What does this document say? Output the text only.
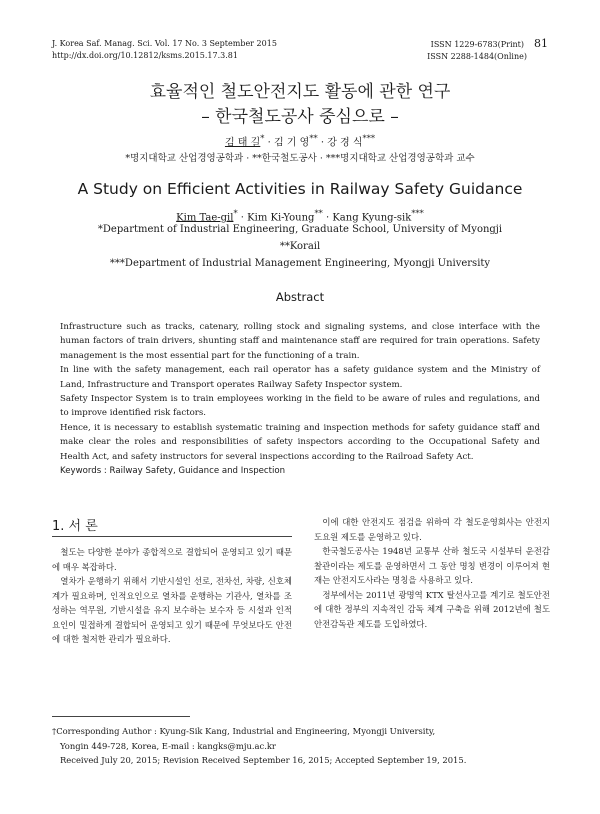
J. Korea Saf. Manag. Sci. Vol. 17 No. 3 September 2015
http://dx.doi.org/10.12812/ksms.2015.17.3.81
ISSN 1229-6783(Print) 81
ISSN 2288-1484(Online)
효율적인 철도안전지도 활동에 관한 연구
– 한국철도공사 중심으로 –
김 태 길* · 김 기 영** · 강 경 식***
*명지대학교 산업경영공학과 · **한국철도공사 · ***명지대학교 산업경영공학과 교수
A Study on Efficient Activities in Railway Safety Guidance
Kim Tae-gil* · Kim Ki-Young** · Kang Kyung-sik***
*Department of Industrial Engineering, Graduate School, University of Myongji
**Korail
***Department of Industrial Management Engineering, Myongji University
Abstract

Infrastructure such as tracks, catenary, rolling stock and signaling systems, and close interface with the human factors of train drivers, shunting staff and maintenance staff are required for train operations. Safety management is the most essential part for the functioning of a train.

In line with the safety management, each rail operator has a safety guidance system and the Ministry of Land, Infrastructure and Transport operates Railway Safety Inspector system.

Safety Inspector System is to train employees working in the field to be aware of rules and regulations, and to improve identified risk factors.

Hence, it is necessary to establish systematic training and inspection methods for safety guidance staff and make clear the roles and responsibilities of safety inspectors according to the Occupational Safety and Health Act, and safety instructors for several inspections according to the Railroad Safety Act.

Keywords : Railway Safety, Guidance and Inspection

1. 서 론

철도는 다양한 분야가 종합적으로 결합되어 운영되고 있기 때문에 매우 복잡하다.

열차가 운행하기 위해서 기반시설인 선로, 전차선, 차량, 신호체계가 필요하며, 인적요인으로 열차를 운행하는 기관사, 열차를 조성하는 역무원, 기반시설을 유지 보수하는 보수자 등 시설과 인적요인이 밀접하게 결합되어 운영되고 있기 때문에 무엇보다도 안전에 대한 철저한 관리가 필요하다.

이에 대한 안전지도 점검을 위하여 각 철도운영회사는 안전지도요원 제도를 운영하고 있다.

한국철도공사는 1948년 교통부 산하 철도국 시설부터 운전감찰관이라는 제도를 운영하면서 그 동안 명칭 변경이 이루어져 현재는 안전지도사라는 명칭을 사용하고 있다.

정부에서는 2011년 광명역 KTX 탈선사고를 계기로 철도안전에 대한 정부의 지속적인 감독 체계 구축을 위해 2012년에 철도안전감독관 제도를 도입하였다.

†Corresponding Author : Kyung-Sik Kang, Industrial and Engineering, Myongji University,
Yongin 449-728, Korea, E-mail : kangks@mju.ac.kr
Received July 20, 2015; Revision Received September 16, 2015; Accepted September 19, 2015.
